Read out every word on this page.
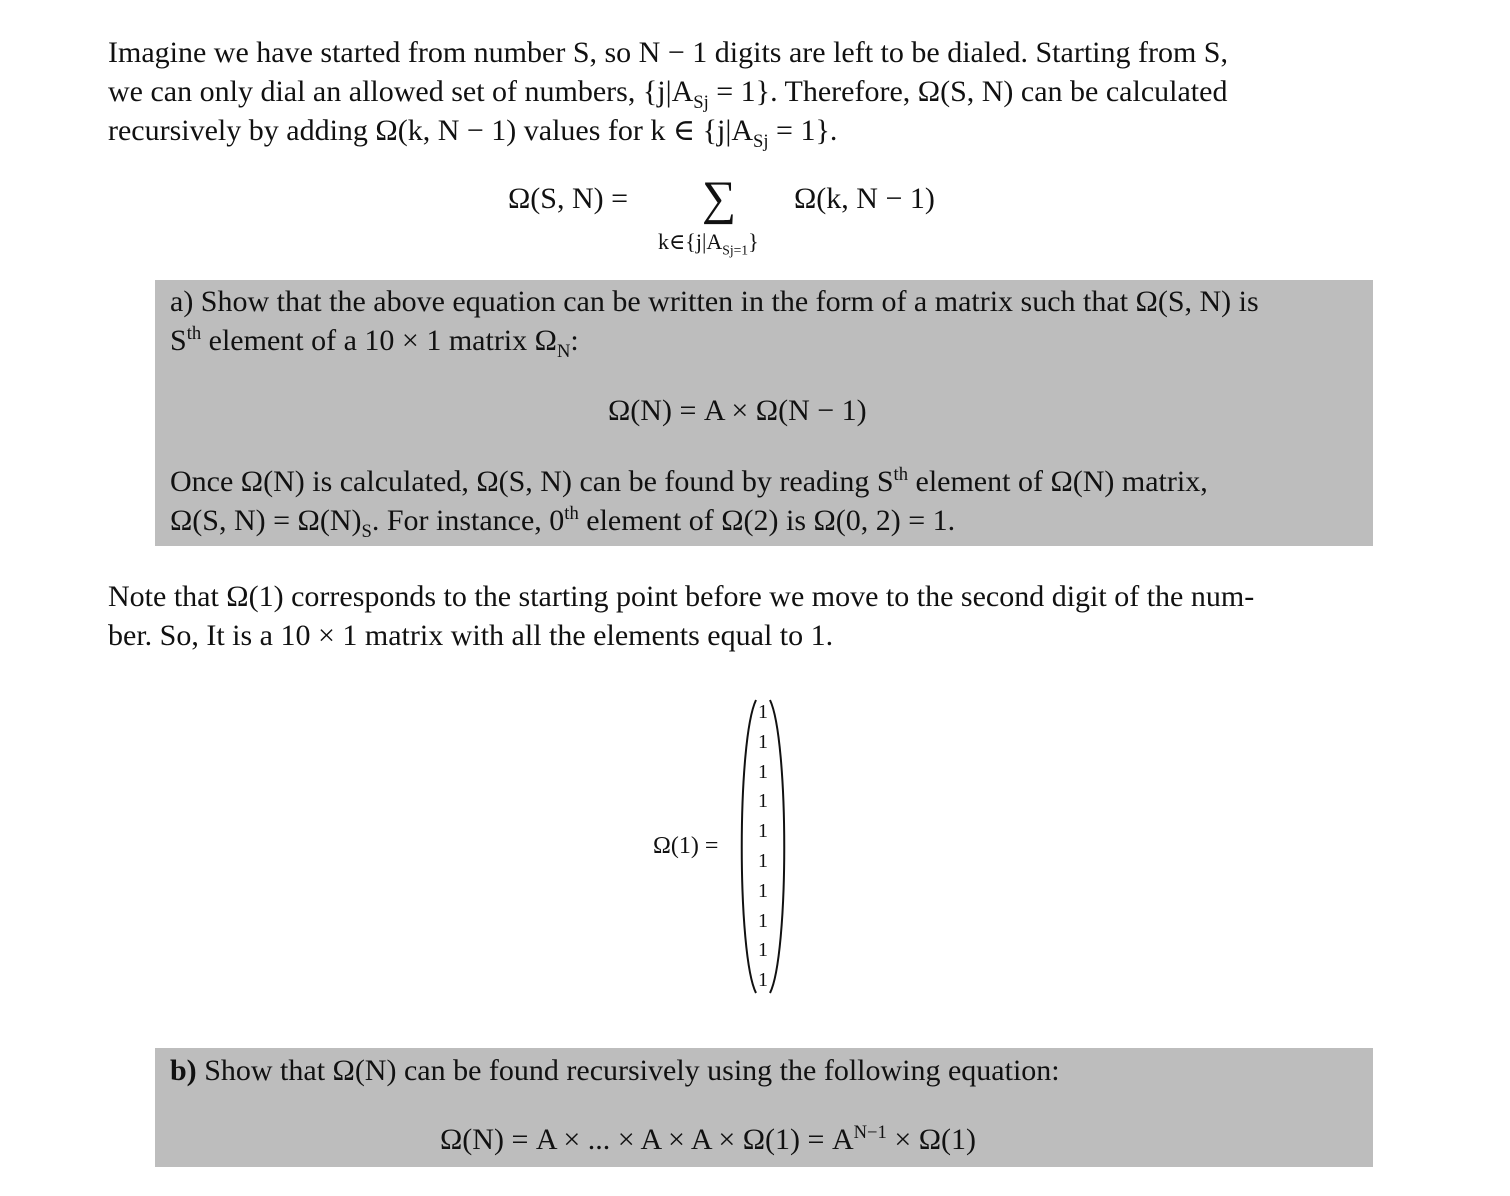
Imagine we have started from number S, so N − 1 digits are left to be dialed. Starting from S,
we can only dial an allowed set of numbers, $\{j|A_{Sj} = 1\}$. Therefore, Ω(S, N) can be calculated
recursively by adding Ω(k, N − 1) values for k ∈ $\{j|A_{Sj} = 1\}$.
Ω(S, N) = ∑ Ω(k, N − 1)
$k\in\{j|A_{Sj=1}\}$
a) Show that the above equation can be written in the form of a matrix such that Ω(S, N) is
$S^{th}$ element of a 10 × 1 matrix $\Omega_N$:
Ω(N) = A × Ω(N − 1)
Once Ω(N) is calculated, Ω(S, N) can be found by reading $S^{th}$ element of Ω(N) matrix,
Ω(S, $N) = \Omega(N)_S$. For instance, 0th element of Ω(2) is Ω(0, 2) = 1.
Note that Ω(1) corresponds to the starting point before we move to the second digit of the num-
ber. So, It is a 10 × 1 matrix with all the elements equal to 1.
Ω(1) =
1
1
1
1
1
1
1
1
1
1
b) Show that Ω(N) can be found recursively using the following equation:
Ω(N) = A × ... × $A \times A \times \Omega(1) = A^{N-1} \times \Omega(1)$
